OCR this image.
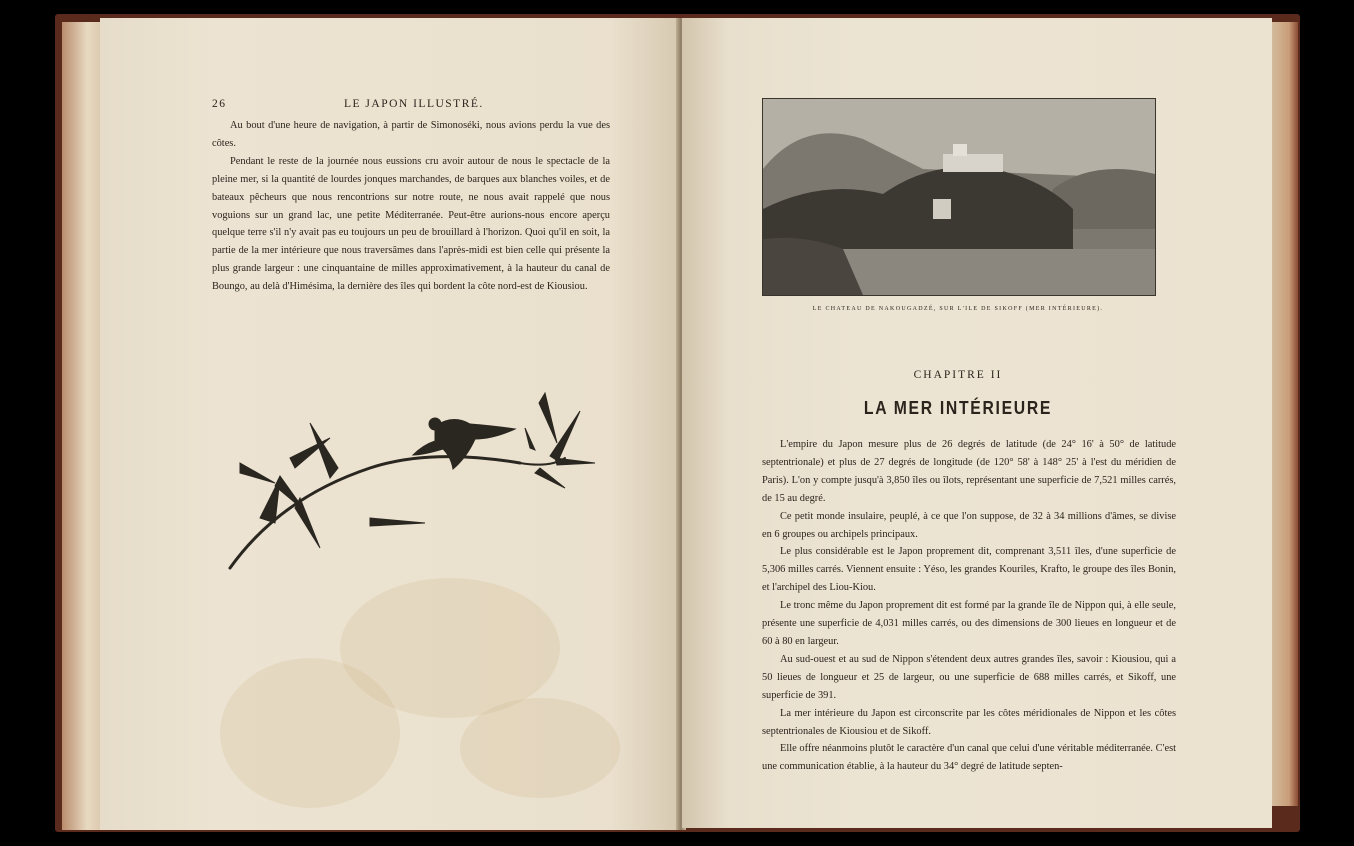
26	LE JAPON ILLUSTRÉ.

Au bout d'une heure de navigation, à partir de Simonoséki, nous avions perdu la vue des côtes.

Pendant le reste de la journée nous eussions cru avoir autour de nous le spectacle de la pleine mer, si la quantité de lourdes jonques marchandes, de barques aux blanches voiles, et de bateaux pêcheurs que nous rencontrions sur notre route, ne nous avait rappelé que nous voguions sur un grand lac, une petite Méditerranée. Peut-être aurions-nous encore aperçu quelque terre s'il n'y avait pas eu toujours un peu de brouillard à l'horizon. Quoi qu'il en soit, la partie de la mer intérieure que nous traversâmes dans l'après-midi est bien celle qui présente la plus grande largeur : une cinquantaine de milles approximativement, à la hauteur du canal de Boungo, au delà d'Himésima, la dernière des îles qui bordent la côte nord-est de Kiousiou.

LE CHATEAU DE NAKOUGADZÉ, SUR L'ILE DE SIKOFF (MER INTÉRIEURE).
CHAPITRE II
LA MER INTÉRIEURE

L'empire du Japon mesure plus de 26 degrés de latitude (de 24° 16' à 50° de latitude septentrionale) et plus de 27 degrés de longitude (de 120° 58' à 148° 25' à l'est du méridien de Paris). L'on y compte jusqu'à 3,850 îles ou îlots, représentant une superficie de 7,521 milles carrés, de 15 au degré.

Ce petit monde insulaire, peuplé, à ce que l'on suppose, de 32 à 34 millions d'âmes, se divise en 6 groupes ou archipels principaux.

Le plus considérable est le Japon proprement dit, comprenant 3,511 îles, d'une superficie de 5,306 milles carrés. Viennent ensuite : Yéso, les grandes Kouriles, Krafto, le groupe des îles Bonin, et l'archipel des Liou-Kiou.

Le tronc même du Japon proprement dit est formé par la grande île de Nippon qui, à elle seule, présente une superficie de 4,031 milles carrés, ou des dimensions de 300 lieues en longueur et de 60 à 80 en largeur.

Au sud-ouest et au sud de Nippon s'étendent deux autres grandes îles, savoir : Kiousiou, qui a 50 lieues de longueur et 25 de largeur, ou une superficie de 688 milles carrés, et Sikoff, une superficie de 391.

La mer intérieure du Japon est circonscrite par les côtes méridionales de Nippon et les côtes septentrionales de Kiousiou et de Sikoff.

Elle offre néanmoins plutôt le caractère d'un canal que celui d'une véritable méditerranée. C'est une communication établie, à la hauteur du 34° degré de latitude septen-
